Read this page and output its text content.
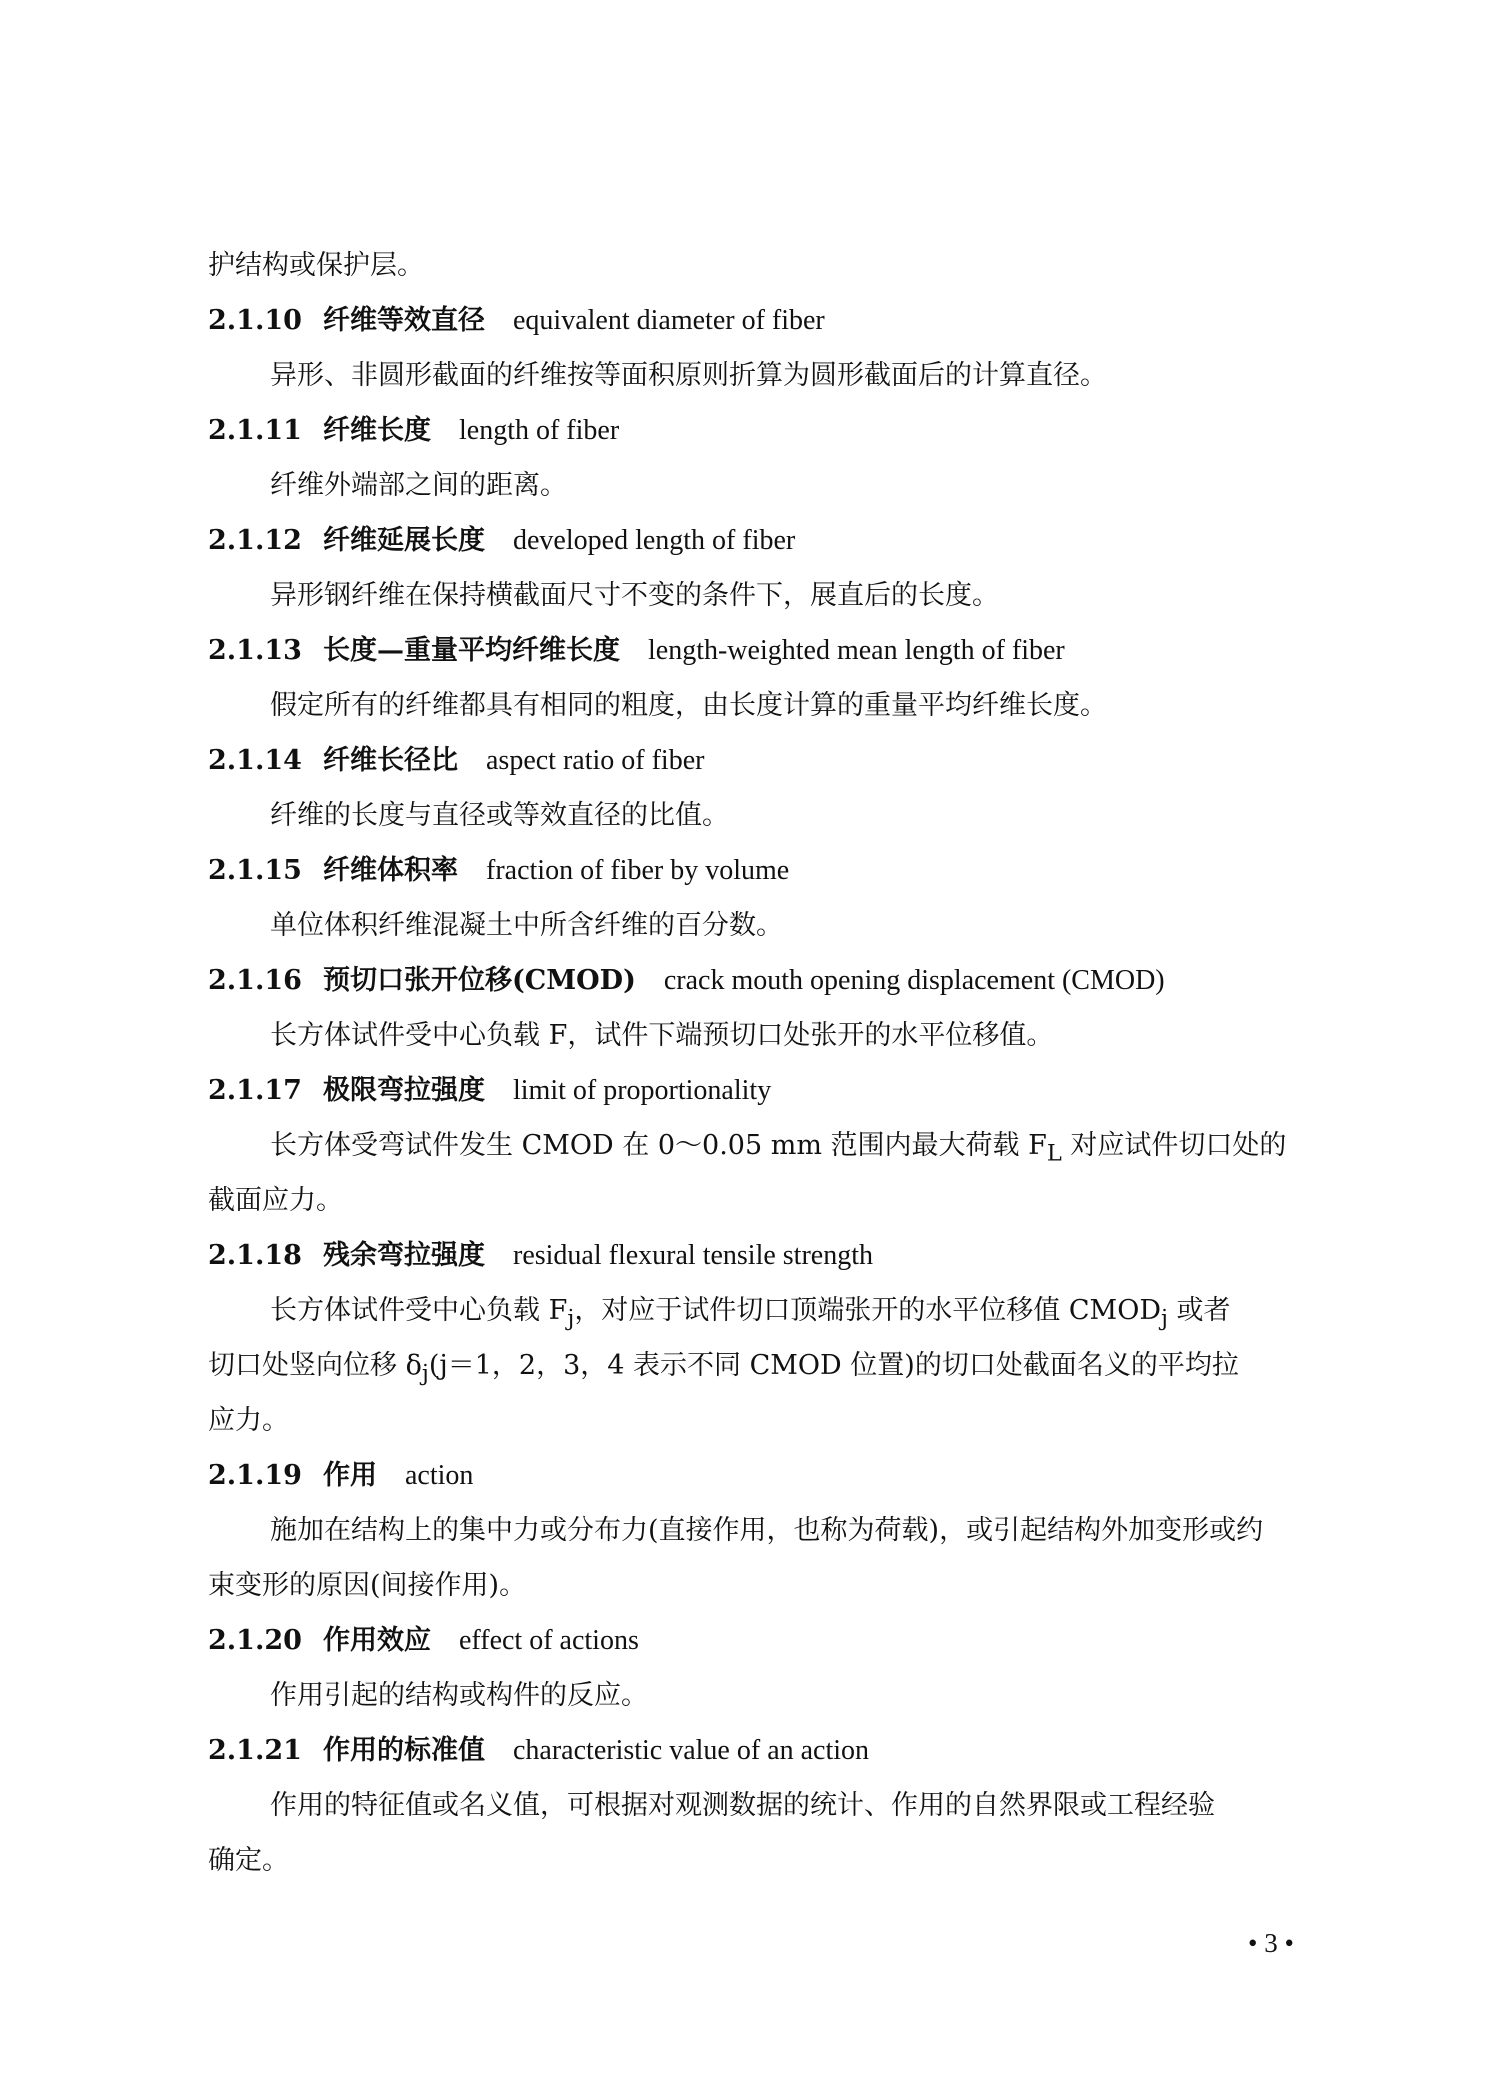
护结构或保护层。
2.1.10 纤维等效直径 equivalent diameter of fiber
异形、非圆形截面的纤维按等面积原则折算为圆形截面后的计算直径。
2.1.11 纤维长度 length of fiber
纤维外端部之间的距离。
2.1.12 纤维延展长度 developed length of fiber
异形钢纤维在保持横截面尺寸不变的条件下，展直后的长度。
2.1.13 长度—重量平均纤维长度 length-weighted mean length of fiber
假定所有的纤维都具有相同的粗度，由长度计算的重量平均纤维长度。
2.1.14 纤维长径比 aspect ratio of fiber
纤维的长度与直径或等效直径的比值。
2.1.15 纤维体积率 fraction of fiber by volume
单位体积纤维混凝土中所含纤维的百分数。
2.1.16 预切口张开位移(CMOD) crack mouth opening displacement (CMOD)
长方体试件受中心负载 F，试件下端预切口处张开的水平位移值。
2.1.17 极限弯拉强度 limit of proportionality
长方体受弯试件发生 CMOD 在 0～0.05 mm 范围内最大荷载 $F_L$ 对应试件切口处的
截面应力。
2.1.18 残余弯拉强度 residual flexural tensile strength
长方体试件受中心负载 $F_j$，对应于试件切口顶端张开的水平位移值 $CMOD_j$ 或者
切口处竖向位移 $\delta_j(j=1$，2，3，4 表示不同 CMOD 位置)的切口处截面名义的平均拉
应力。
2.1.19 作用 action
施加在结构上的集中力或分布力(直接作用，也称为荷载)，或引起结构外加变形或约
束变形的原因(间接作用)。
2.1.20 作用效应 effect of actions
作用引起的结构或构件的反应。
2.1.21 作用的标准值 characteristic value of an action
作用的特征值或名义值，可根据对观测数据的统计、作用的自然界限或工程经验
确定。
• 3 •
